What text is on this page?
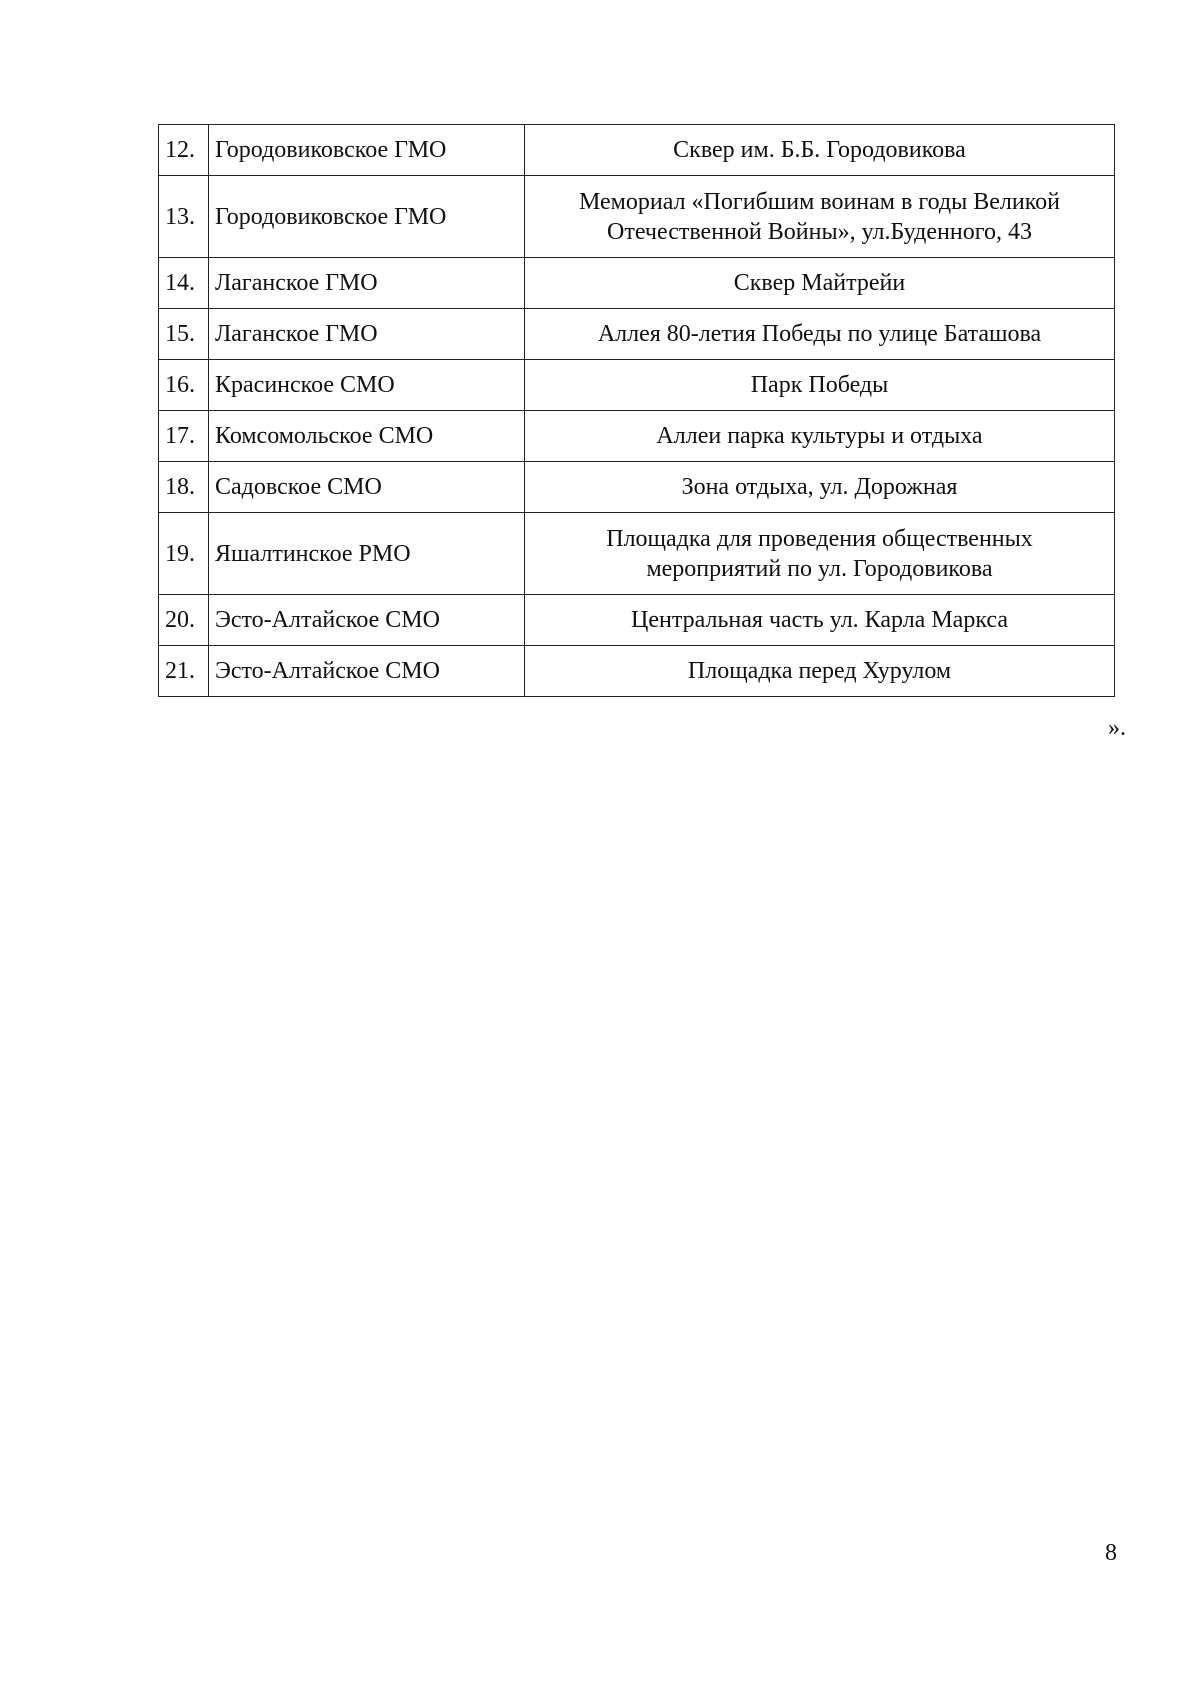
12.	Городовиковское ГМО	Сквер им. Б.Б. Городовикова

13.	Городовиковское ГМО	Мемориал «Погибшим воинам в годы Великой
Отечественной Войны», ул.Буденного, 43

14.	Лаганское ГМО	Сквер Майтрейи

15.	Лаганское ГМО	Аллея 80-летия Победы по улице Баташова

16.	Красинское СМО	Парк Победы

17.	Комсомольское СМО	Аллеи парка культуры и отдыха

18.	Садовское СМО	Зона отдыха, ул. Дорожная

19.	Яшалтинское РМО	Площадка для проведения общественных
мероприятий по ул. Городовикова

20.	Эсто-Алтайское СМО	Центральная часть ул. Карла Маркса

21.	Эсто-Алтайское СМО	Площадка перед Хурулом
».
8
